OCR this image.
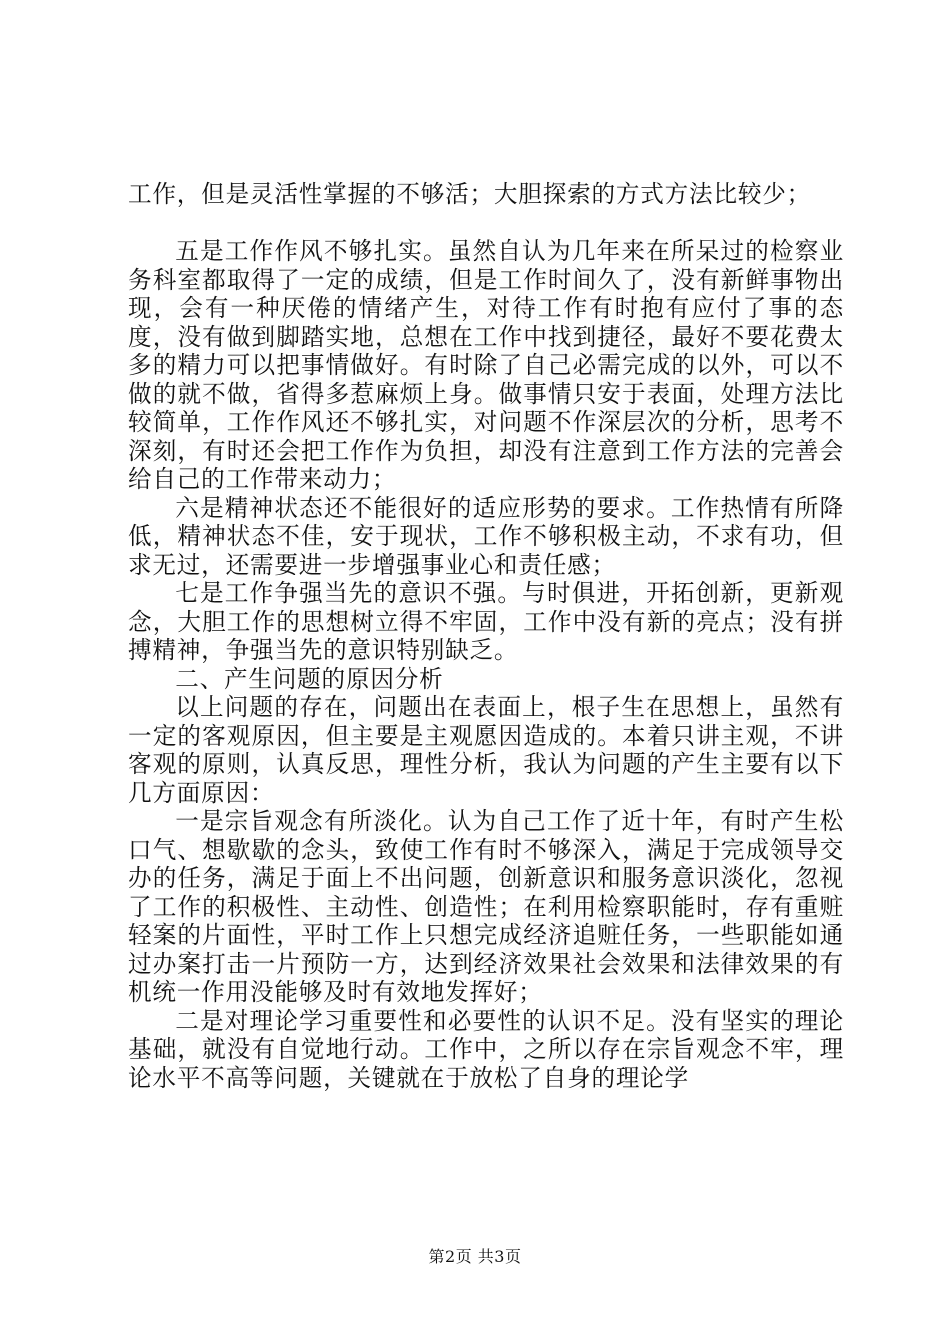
工作，但是灵活性掌握的不够活；大胆探索的方式方法比较少；

五是工作作风不够扎实。虽然自认为几年来在所呆过的检察业务科室都取得了一定的成绩，但是工作时间久了，没有新鲜事物出现，会有一种厌倦的情绪产生，对待工作有时抱有应付了事的态度，没有做到脚踏实地，总想在工作中找到捷径，最好不要花费太多的精力可以把事情做好。有时除了自己必需完成的以外，可以不做的就不做，省得多惹麻烦上身。做事情只安于表面，处理方法比较简单，工作作风还不够扎实，对问题不作深层次的分析，思考不深刻，有时还会把工作作为负担，却没有注意到工作方法的完善会给自己的工作带来动力；

六是精神状态还不能很好的适应形势的要求。工作热情有所降低，精神状态不佳，安于现状，工作不够积极主动，不求有功，但求无过，还需要进一步增强事业心和责任感；

七是工作争强当先的意识不强。与时俱进，开拓创新，更新观念，大胆工作的思想树立得不牢固，工作中没有新的亮点；没有拼搏精神，争强当先的意识特别缺乏。

二、产生问题的原因分析

以上问题的存在，问题出在表面上，根子生在思想上，虽然有一定的客观原因，但主要是主观愿因造成的。本着只讲主观，不讲客观的原则，认真反思，理性分析，我认为问题的产生主要有以下几方面原因：

一是宗旨观念有所淡化。认为自己工作了近十年，有时产生松口气、想歇歇的念头，致使工作有时不够深入，满足于完成领导交办的任务，满足于面上不出问题，创新意识和服务意识淡化，忽视了工作的积极性、主动性、创造性；在利用检察职能时，存有重赃轻案的片面性，平时工作上只想完成经济追赃任务，一些职能如通过办案打击一片预防一方，达到经济效果社会效果和法律效果的有机统一作用没能够及时有效地发挥好；

二是对理论学习重要性和必要性的认识不足。没有坚实的理论基础，就没有自觉地行动。工作中，之所以存在宗旨观念不牢，理论水平不高等问题，关键就在于放松了自身的理论学

第2页 共3页
